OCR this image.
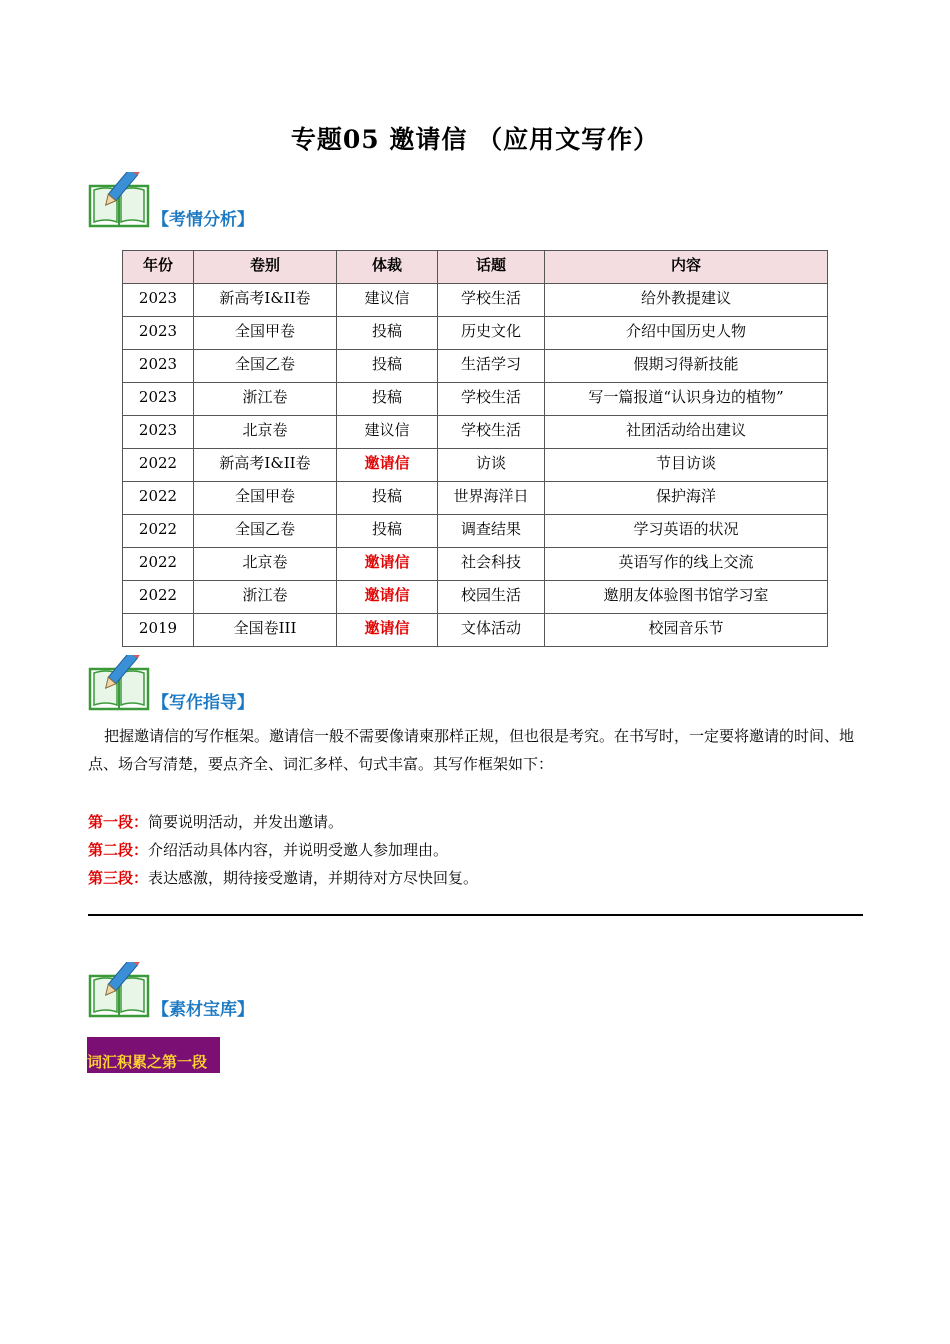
专题05 邀请信 （应用文写作）
【考情分析】
年份	卷别	体裁	话题	内容
2023	新高考I&II卷	建议信	学校生活	给外教提建议
2023	全国甲卷	投稿	历史文化	介绍中国历史人物
2023	全国乙卷	投稿	生活学习	假期习得新技能
2023	浙江卷	投稿	学校生活	写一篇报道“认识身边的植物”
2023	北京卷	建议信	学校生活	社团活动给出建议
2022	新高考I&II卷	邀请信	访谈	节目访谈
2022	全国甲卷	投稿	世界海洋日	保护海洋
2022	全国乙卷	投稿	调查结果	学习英语的状况
2022	北京卷	邀请信	社会科技	英语写作的线上交流
2022	浙江卷	邀请信	校园生活	邀朋友体验图书馆学习室
2019	全国卷III	邀请信	文体活动	校园音乐节
【写作指导】
把握邀请信的写作框架。邀请信一般不需要像请柬那样正规，但也很是考究。在书写时，一定要将邀请的时间、地点、场合写清楚，要点齐全、词汇多样、句式丰富。其写作框架如下：
第一段：简要说明活动，并发出邀请。
第二段：介绍活动具体内容，并说明受邀人参加理由。
第三段：表达感激，期待接受邀请，并期待对方尽快回复。
【素材宝库】
词汇积累之第一段
